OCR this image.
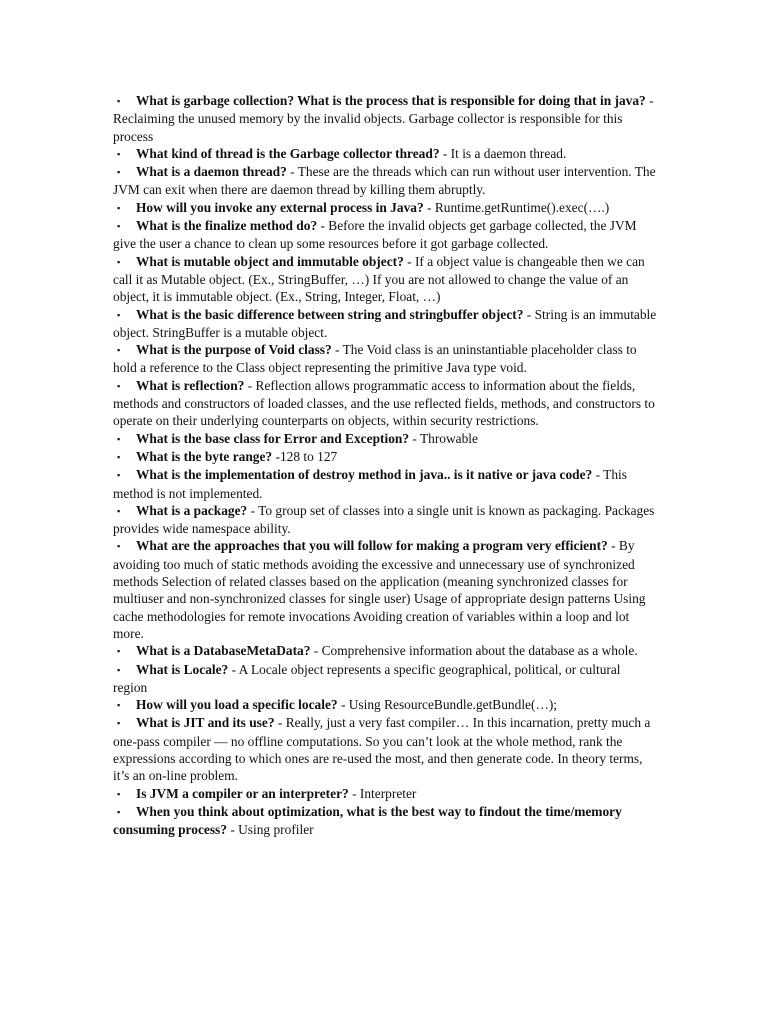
▪ What is garbage collection? What is the process that is responsible for doing that in java? - Reclaiming the unused memory by the invalid objects. Garbage collector is responsible for this process

▪ What kind of thread is the Garbage collector thread? - It is a daemon thread.

▪ What is a daemon thread? - These are the threads which can run without user intervention. The JVM can exit when there are daemon thread by killing them abruptly.

▪ How will you invoke any external process in Java? - Runtime.getRuntime().exec(….)

▪ What is the finalize method do? - Before the invalid objects get garbage collected, the JVM give the user a chance to clean up some resources before it got garbage collected.

▪ What is mutable object and immutable object? - If a object value is changeable then we can call it as Mutable object. (Ex., StringBuffer, …) If you are not allowed to change the value of an object, it is immutable object. (Ex., String, Integer, Float, …)

▪ What is the basic difference between string and stringbuffer object? - String is an immutable object. StringBuffer is a mutable object.

▪ What is the purpose of Void class? - The Void class is an uninstantiable placeholder class to hold a reference to the Class object representing the primitive Java type void.

▪ What is reflection? - Reflection allows programmatic access to information about the fields, methods and constructors of loaded classes, and the use reflected fields, methods, and constructors to operate on their underlying counterparts on objects, within security restrictions.

▪ What is the base class for Error and Exception? - Throwable

▪ What is the byte range? -128 to 127

▪ What is the implementation of destroy method in java.. is it native or java code? - This method is not implemented.

▪ What is a package? - To group set of classes into a single unit is known as packaging. Packages provides wide namespace ability.

▪ What are the approaches that you will follow for making a program very efficient? - By avoiding too much of static methods avoiding the excessive and unnecessary use of synchronized methods Selection of related classes based on the application (meaning synchronized classes for multiuser and non-synchronized classes for single user) Usage of appropriate design patterns Using cache methodologies for remote invocations Avoiding creation of variables within a loop and lot more.

▪ What is a DatabaseMetaData? - Comprehensive information about the database as a whole.

▪ What is Locale? - A Locale object represents a specific geographical, political, or cultural region

▪ How will you load a specific locale? - Using ResourceBundle.getBundle(…);

▪ What is JIT and its use? - Really, just a very fast compiler… In this incarnation, pretty much a one-pass compiler — no offline computations. So you can’t look at the whole method, rank the expressions according to which ones are re-used the most, and then generate code. In theory terms, it’s an on-line problem.

▪ Is JVM a compiler or an interpreter? - Interpreter

▪ When you think about optimization, what is the best way to findout the time/memory consuming process? - Using profiler
